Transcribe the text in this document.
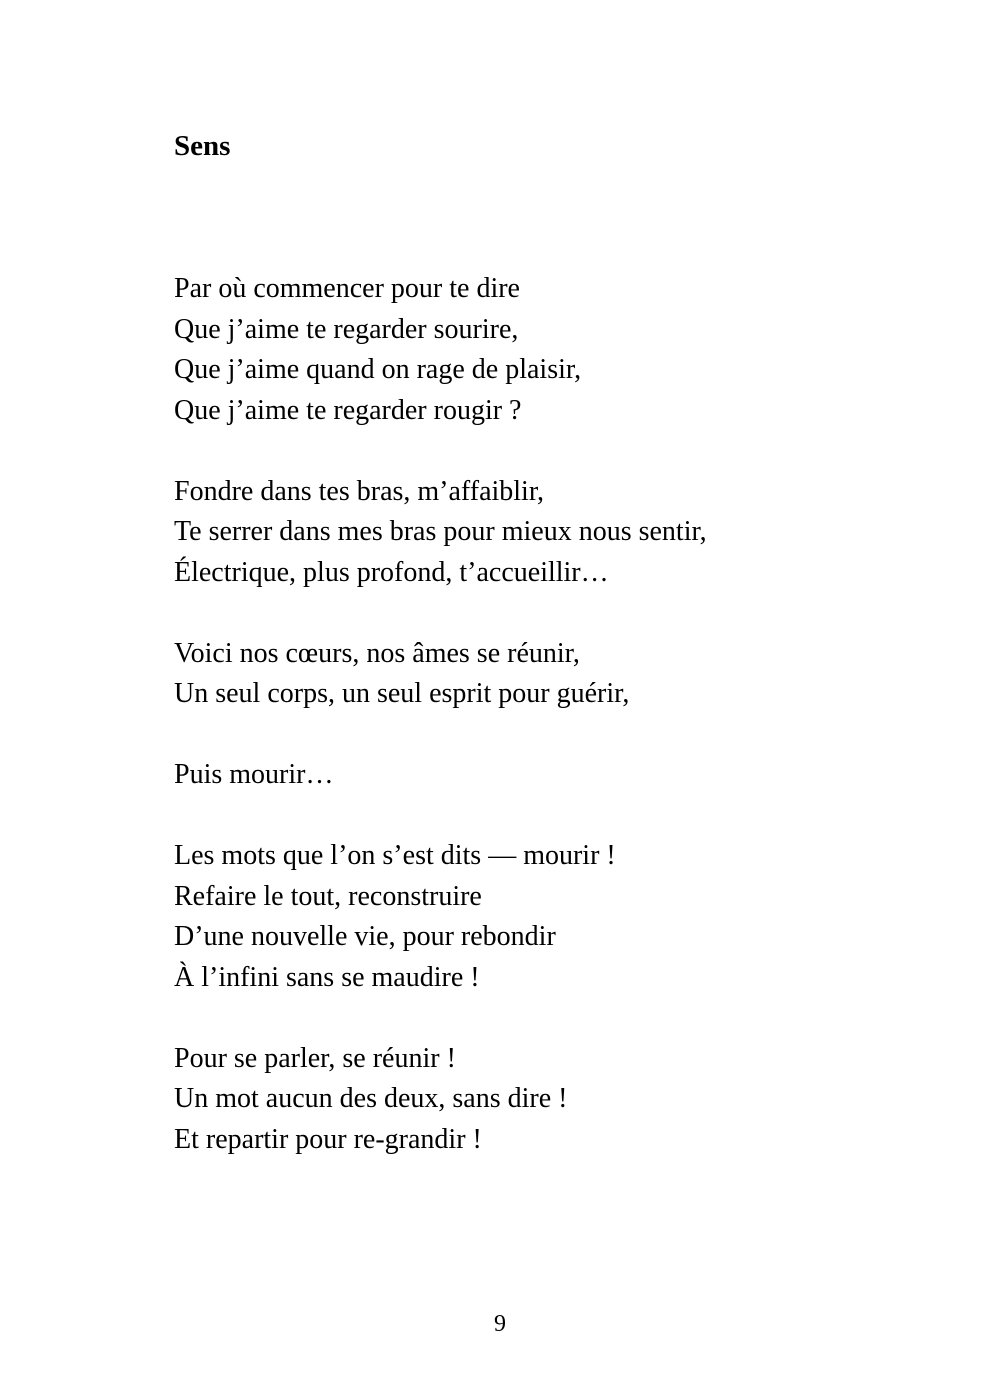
Sens
Par où commencer pour te dire
Que j’aime te regarder sourire,
Que j’aime quand on rage de plaisir,
Que j’aime te regarder rougir ?
Fondre dans tes bras, m’affaiblir,
Te serrer dans mes bras pour mieux nous sentir,
Électrique, plus profond, t’accueillir…
Voici nos cœurs, nos âmes se réunir,
Un seul corps, un seul esprit pour guérir,
Puis mourir…
Les mots que l’on s’est dits — mourir !
Refaire le tout, reconstruire
D’une nouvelle vie, pour rebondir
À l’infini sans se maudire !
Pour se parler, se réunir !
Un mot aucun des deux, sans dire !
Et repartir pour re-grandir !
9
